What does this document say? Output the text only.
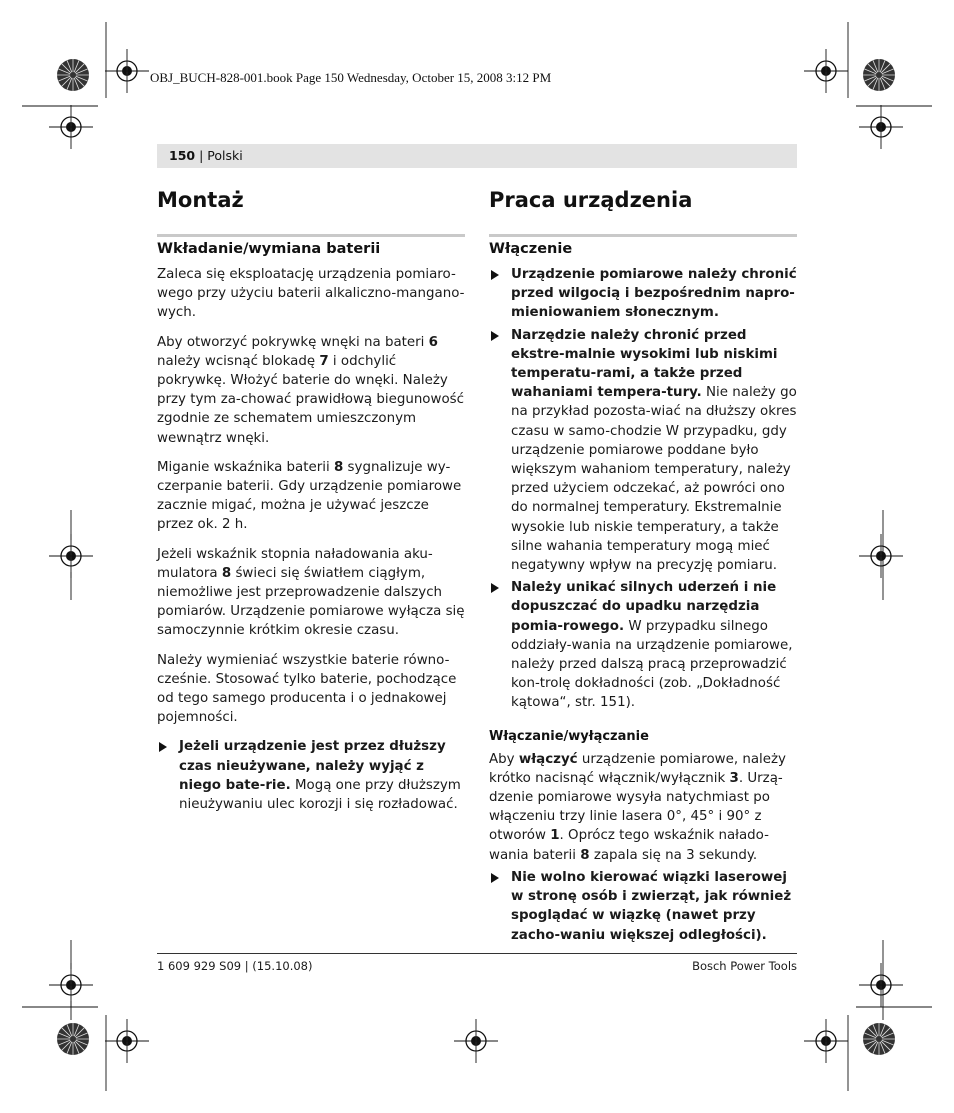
OBJ_BUCH-828-001.book Page 150 Wednesday, October 15, 2008 3:12 PM
150 | Polski
Montaż
Wkładanie/wymiana baterii

Zaleca się eksploatację urządzenia pomiaro-wego przy użyciu baterii alkaliczno-mangano-wych.

Aby otworzyć pokrywkę wnęki na bateri 6 należy wcisnąć blokadę 7 i odchylić pokrywkę. Włożyć baterie do wnęki. Należy przy tym za-chować prawidłową biegunowość zgodnie ze schematem umieszczonym wewnątrz wnęki.

Miganie wskaźnika baterii 8 sygnalizuje wy-czerpanie baterii. Gdy urządzenie pomiarowe zacznie migać, można je używać jeszcze przez ok. 2 h.

Jeżeli wskaźnik stopnia naładowania aku-mulatora 8 świeci się światłem ciągłym, niemożliwe jest przeprowadzenie dalszych pomiarów. Urządzenie pomiarowe wyłącza się samoczynnie krótkim okresie czasu.

Należy wymieniać wszystkie baterie równo-cześnie. Stosować tylko baterie, pochodzące od tego samego producenta i o jednakowej pojemności.

Jeżeli urządzenie jest przez dłuższy czas nieużywane, należy wyjąć z niego bate-rie. Mogą one przy dłuższym nieużywaniu ulec korozji i się rozładować.
Praca urządzenia
Włączenie
Urządzenie pomiarowe należy chronić przed wilgocią i bezpośrednim napro-mieniowaniem słonecznym.
Narzędzie należy chronić przed ekstre-malnie wysokimi lub niskimi temperatu-rami, a także przed wahaniami tempera-tury. Nie należy go na przykład pozosta-wiać na dłuższy okres czasu w samo-chodzie W przypadku, gdy urządzenie pomiarowe poddane było większym wahaniom temperatury, należy przed użyciem odczekać, aż powróci ono do normalnej temperatury. Ekstremalnie wysokie lub niskie temperatury, a także silne wahania temperatury mogą mieć negatywny wpływ na precyzję pomiaru.
Należy unikać silnych uderzeń i nie dopuszczać do upadku narzędzia pomia-rowego. W przypadku silnego oddziały-wania na urządzenie pomiarowe, należy przed dalszą pracą przeprowadzić kon-trolę dokładności (zob. „Dokładność kątowa“, str. 151).
Włączanie/wyłączanie

Aby włączyć urządzenie pomiarowe, należy krótko nacisnąć włącznik/wyłącznik 3. Urzą-dzenie pomiarowe wysyła natychmiast po włączeniu trzy linie lasera 0°, 45° i 90° z otworów 1. Oprócz tego wskaźnik nałado-wania baterii 8 zapala się na 3 sekundy.

Nie wolno kierować wiązki laserowej w stronę osób i zwierząt, jak również spoglądać w wiązkę (nawet przy zacho-waniu większej odległości).
1 609 929 S09 | (15.10.08)	Bosch Power Tools
